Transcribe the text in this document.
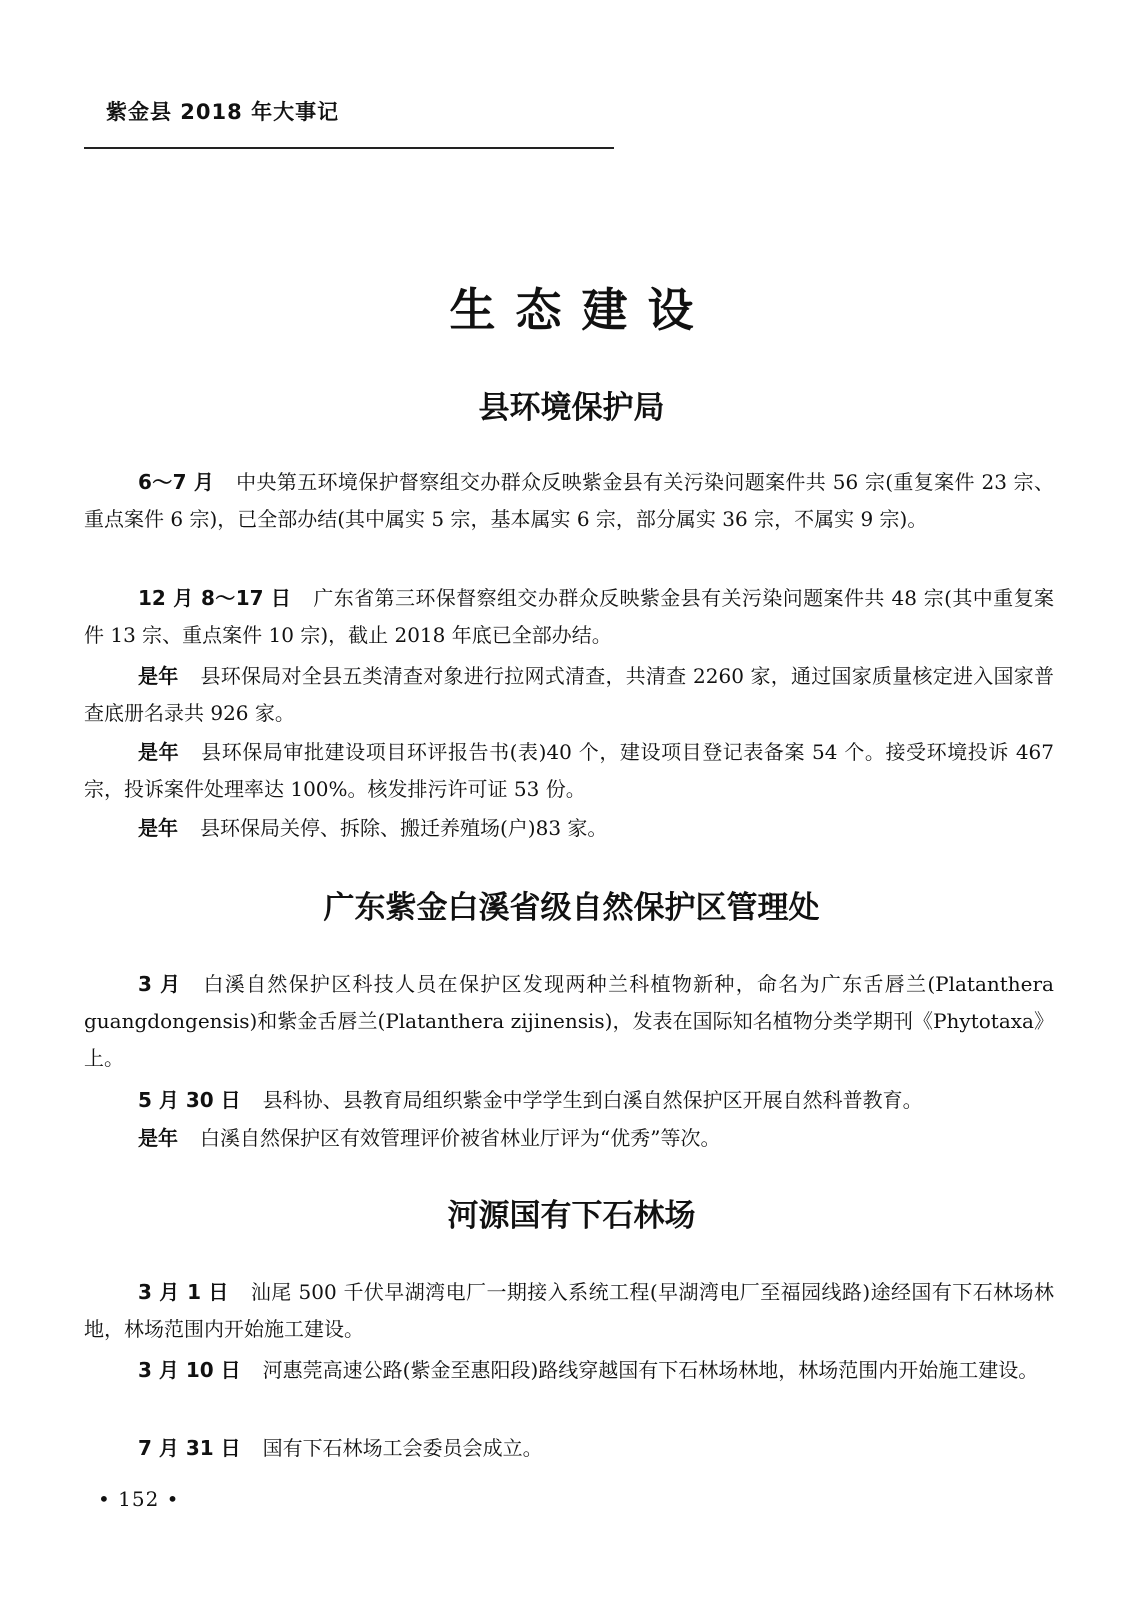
紫金县 2018 年大事记
生态建设
县环境保护局

6～7 月 中央第五环境保护督察组交办群众反映紫金县有关污染问题案件共 56 宗(重复案件 23 宗、重点案件 6 宗)，已全部办结(其中属实 5 宗，基本属实 6 宗，部分属实 36 宗，不属实 9 宗)。

12 月 8～17 日 广东省第三环保督察组交办群众反映紫金县有关污染问题案件共 48 宗(其中重复案件 13 宗、重点案件 10 宗)，截止 2018 年底已全部办结。

是年 县环保局对全县五类清查对象进行拉网式清查，共清查 2260 家，通过国家质量核定进入国家普查底册名录共 926 家。

是年 县环保局审批建设项目环评报告书(表)40 个，建设项目登记表备案 54 个。接受环境投诉 467 宗，投诉案件处理率达 100%。核发排污许可证 53 份。

是年 县环保局关停、拆除、搬迁养殖场(户)83 家。

广东紫金白溪省级自然保护区管理处

3 月 白溪自然保护区科技人员在保护区发现两种兰科植物新种，命名为广东舌唇兰(Platanthera guangdongensis)和紫金舌唇兰(Platanthera zijinensis)，发表在国际知名植物分类学期刊《Phytotaxa》上。

5 月 30 日 县科协、县教育局组织紫金中学学生到白溪自然保护区开展自然科普教育。

是年 白溪自然保护区有效管理评价被省林业厅评为“优秀”等次。

河源国有下石林场

3 月 1 日 汕尾 500 千伏早湖湾电厂一期接入系统工程(早湖湾电厂至福园线路)途经国有下石林场林地，林场范围内开始施工建设。

3 月 10 日 河惠莞高速公路(紫金至惠阳段)路线穿越国有下石林场林地，林场范围内开始施工建设。

7 月 31 日 国有下石林场工会委员会成立。

• 152 •
